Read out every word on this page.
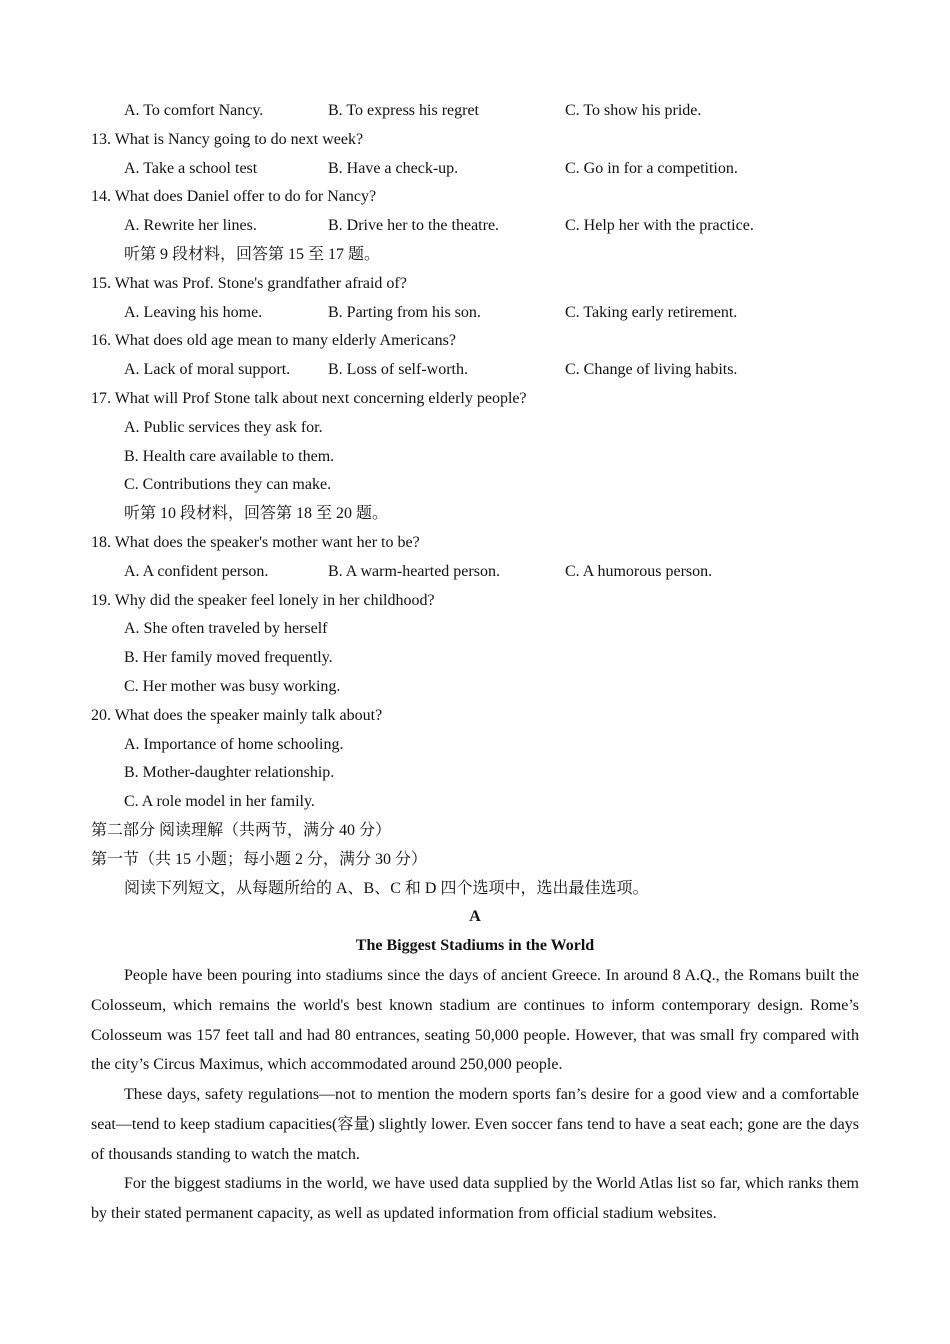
A. To comfort Nancy.	B. To express his regret	C. To show his pride.
13. What is Nancy going to do next week?
A. Take a school test	B. Have a check-up.	C. Go in for a competition.
14. What does Daniel offer to do for Nancy?
A. Rewrite her lines.	B. Drive her to the theatre.	C. Help her with the practice.
听第 9 段材料，回答第 15 至 17 题。
15. What was Prof. Stone's grandfather afraid of?
A. Leaving his home.	B. Parting from his son.	C. Taking early retirement.
16. What does old age mean to many elderly Americans?
A. Lack of moral support. B. Loss of self-worth.	C. Change of living habits.
17. What will Prof Stone talk about next concerning elderly people?
A. Public services they ask for.
B. Health care available to them.
C. Contributions they can make.
听第 10 段材料，回答第 18 至 20 题。
18. What does the speaker's mother want her to be?
A. A confident person.	B. A warm-hearted person.	C. A humorous person.
19. Why did the speaker feel lonely in her childhood?
A. She often traveled by herself
B. Her family moved frequently.
C. Her mother was busy working.
20. What does the speaker mainly talk about?
A. Importance of home schooling.
B. Mother-daughter relationship.
C. A role model in her family.
第二部分 阅读理解（共两节，满分 40 分）
第一节（共 15 小题；每小题 2 分，满分 30 分）
阅读下列短文，从每题所给的 A、B、C 和 D 四个选项中，选出最佳选项。
A
The Biggest Stadiums in the World

People have been pouring into stadiums since the days of ancient Greece. In around 8 A.Q., the Romans built the Colosseum, which remains the world's best known stadium are continues to inform contemporary design. Rome’s Colosseum was 157 feet tall and had 80 entrances, seating 50,000 people. However, that was small fry compared with the city’s Circus Maximus, which accommodated around 250,000 people.

These days, safety regulations—not to mention the modern sports fan’s desire for a good view and a comfortable seat—tend to keep stadium capacities(容量) slightly lower. Even soccer fans tend to have a seat each; gone are the days of thousands standing to watch the match.

For the biggest stadiums in the world, we have used data supplied by the World Atlas list so far, which ranks them by their stated permanent capacity, as well as updated information from official stadium websites.
